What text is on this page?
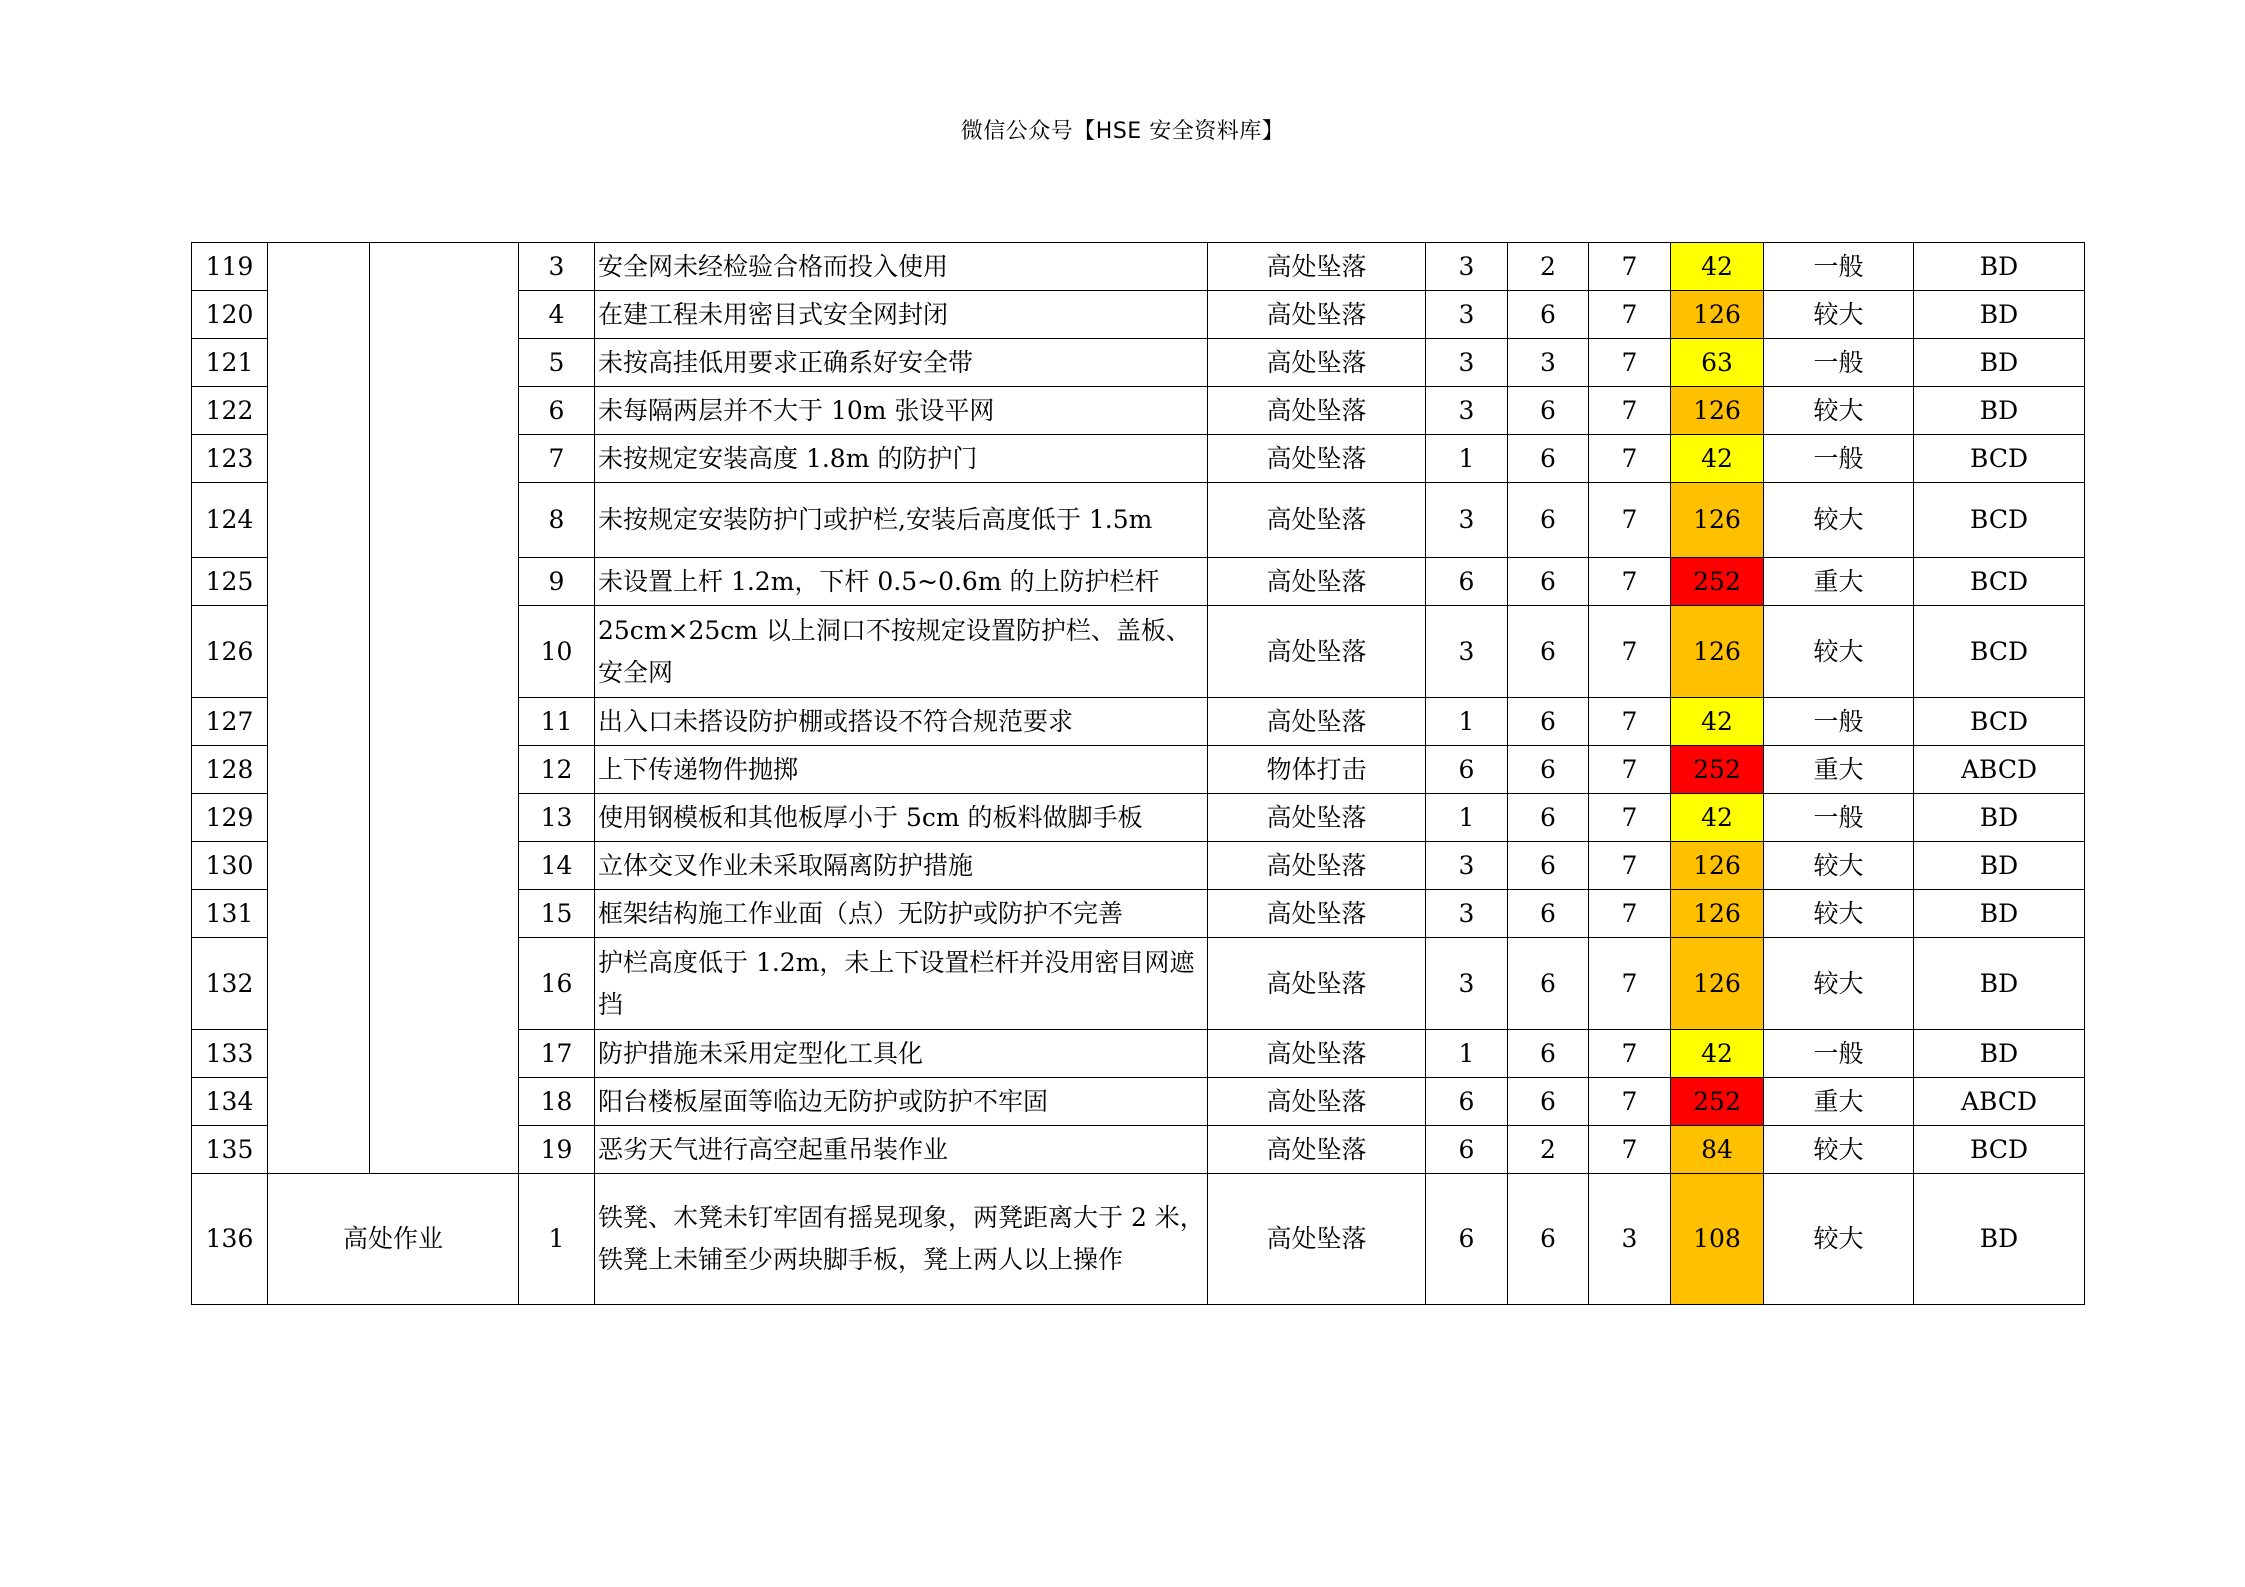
微信公众号【HSE 安全资料库】
119			3	安全网未经检验合格而投入使用	高处坠落	3	2	7	42	一般	BD
120			4	在建工程未用密目式安全网封闭	高处坠落	3	6	7	126	较大	BD
121			5	未按高挂低用要求正确系好安全带	高处坠落	3	3	7	63	一般	BD
122			6	未每隔两层并不大于 10m 张设平网	高处坠落	3	6	7	126	较大	BD
123			7	未按规定安装高度 1.8m 的防护门	高处坠落	1	6	7	42	一般	BCD
124			8	未按规定安装防护门或护栏,安装后高度低于 1.5m	高处坠落	3	6	7	126	较大	BCD
125			9	未设置上杆 1.2m，下杆 0.5~0.6m 的上防护栏杆	高处坠落	6	6	7	252	重大	BCD
126			10	25cm×25cm 以上洞口不按规定设置防护栏、盖板、安全网	高处坠落	3	6	7	126	较大	BCD
127			11	出入口未搭设防护棚或搭设不符合规范要求	高处坠落	1	6	7	42	一般	BCD
128			12	上下传递物件抛掷	物体打击	6	6	7	252	重大	ABCD
129			13	使用钢模板和其他板厚小于 5cm 的板料做脚手板	高处坠落	1	6	7	42	一般	BD
130			14	立体交叉作业未采取隔离防护措施	高处坠落	3	6	7	126	较大	BD
131			15	框架结构施工作业面（点）无防护或防护不完善	高处坠落	3	6	7	126	较大	BD
132			16	护栏高度低于 1.2m，未上下设置栏杆并没用密目网遮挡	高处坠落	3	6	7	126	较大	BD
133			17	防护措施未采用定型化工具化	高处坠落	1	6	7	42	一般	BD
134			18	阳台楼板屋面等临边无防护或防护不牢固	高处坠落	6	6	7	252	重大	ABCD
135			19	恶劣天气进行高空起重吊装作业	高处坠落	6	2	7	84	较大	BCD
136	高处作业		1	铁凳、木凳未钉牢固有摇晃现象，两凳距离大于 2 米，铁凳上未铺至少两块脚手板，凳上两人以上操作	高处坠落	6	6	3	108	较大	BD
